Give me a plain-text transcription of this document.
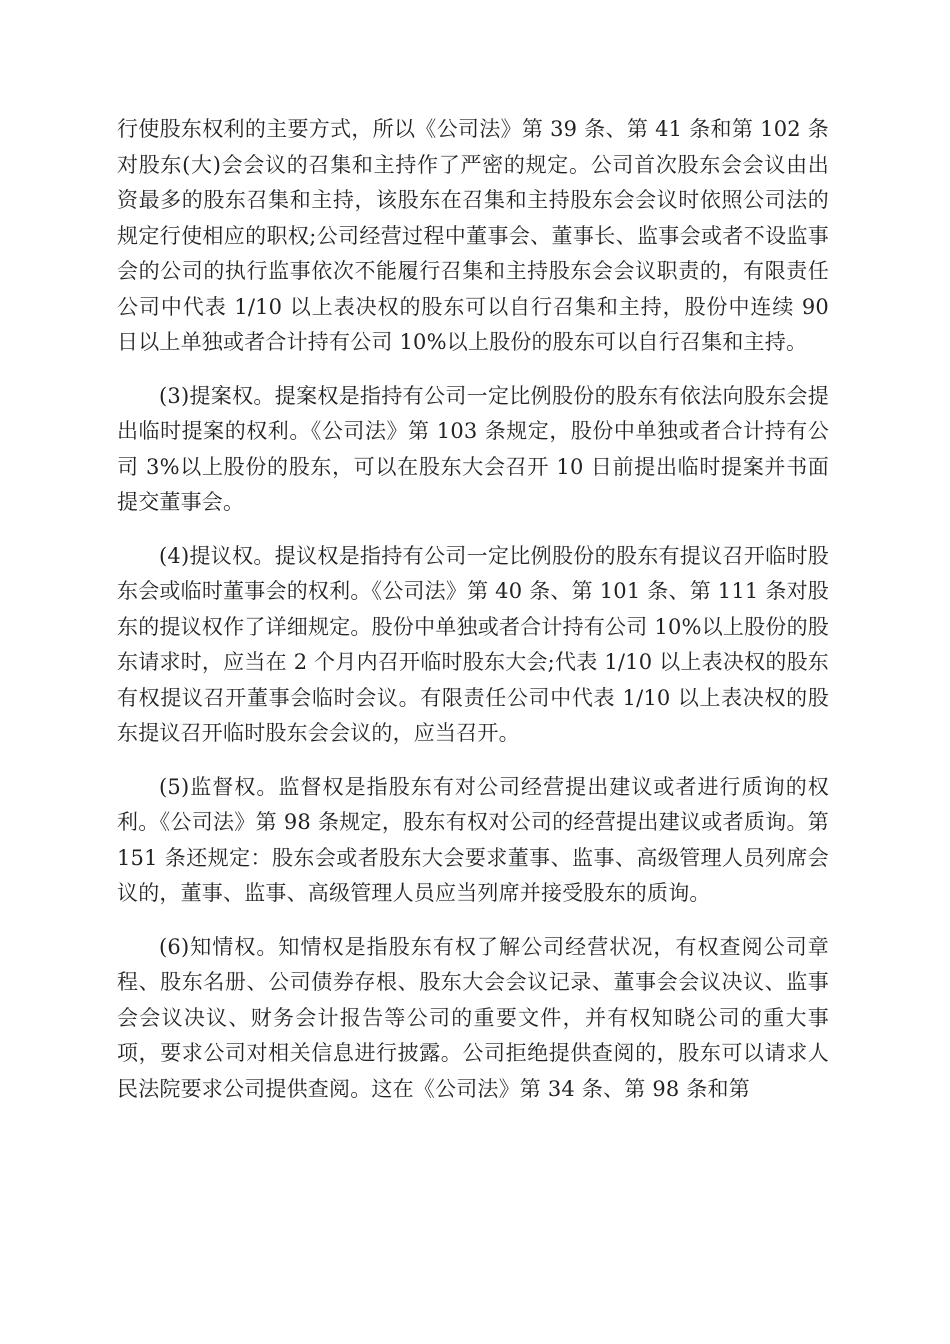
行使股东权利的主要方式，所以《公司法》第 39 条、第 41 条和第 102 条对股东(大)会会议的召集和主持作了严密的规定。公司首次股东会会议由出资最多的股东召集和主持，该股东在召集和主持股东会会议时依照公司法的规定行使相应的职权;公司经营过程中董事会、董事长、监事会或者不设监事会的公司的执行监事依次不能履行召集和主持股东会会议职责的，有限责任公司中代表 1/10 以上表决权的股东可以自行召集和主持，股份中连续 90 日以上单独或者合计持有公司 10%以上股份的股东可以自行召集和主持。

(3)提案权。提案权是指持有公司一定比例股份的股东有依法向股东会提出临时提案的权利。《公司法》第 103 条规定，股份中单独或者合计持有公司 3%以上股份的股东，可以在股东大会召开 10 日前提出临时提案并书面提交董事会。

(4)提议权。提议权是指持有公司一定比例股份的股东有提议召开临时股东会或临时董事会的权利。《公司法》第 40 条、第 101 条、第 111 条对股东的提议权作了详细规定。股份中单独或者合计持有公司 10%以上股份的股东请求时，应当在 2 个月内召开临时股东大会;代表 1/10 以上表决权的股东有权提议召开董事会临时会议。有限责任公司中代表 1/10 以上表决权的股东提议召开临时股东会会议的，应当召开。

(5)监督权。监督权是指股东有对公司经营提出建议或者进行质询的权利。《公司法》第 98 条规定，股东有权对公司的经营提出建议或者质询。第 151 条还规定：股东会或者股东大会要求董事、监事、高级管理人员列席会议的，董事、监事、高级管理人员应当列席并接受股东的质询。

(6)知情权。知情权是指股东有权了解公司经营状况，有权查阅公司章程、股东名册、公司债券存根、股东大会会议记录、董事会会议决议、监事会会议决议、财务会计报告等公司的重要文件，并有权知晓公司的重大事项，要求公司对相关信息进行披露。公司拒绝提供查阅的，股东可以请求人民法院要求公司提供查阅。这在《公司法》第 34 条、第 98 条和第
